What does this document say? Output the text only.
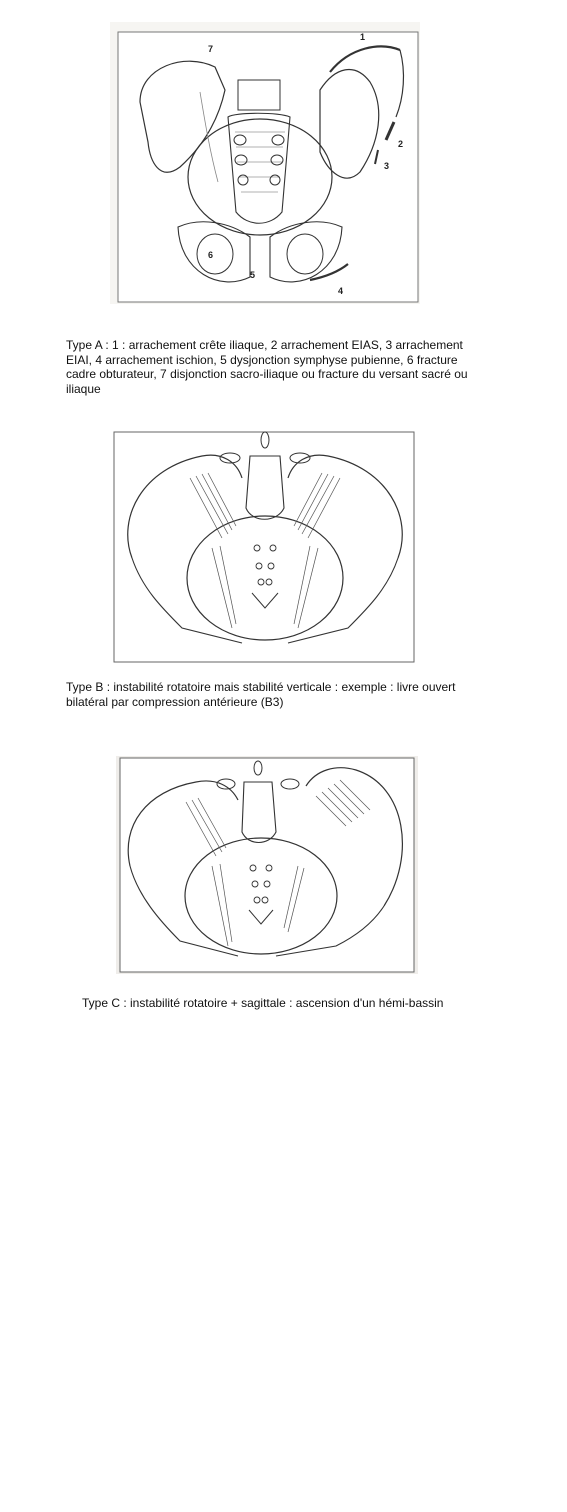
7
1
2
3
4
5
6
Type A : 1 : arrachement crête iliaque, 2 arrachement EIAS, 3 arrachement EIAI, 4 arrachement ischion, 5 dysjonction symphyse pubienne, 6 fracture cadre obturateur, 7 disjonction sacro-iliaque ou fracture du versant sacré ou iliaque
Type B : instabilité rotatoire mais stabilité verticale : exemple : livre ouvert bilatéral par compression antérieure (B3)
Type C : instabilité rotatoire + sagittale : ascension d'un hémi-bassin
